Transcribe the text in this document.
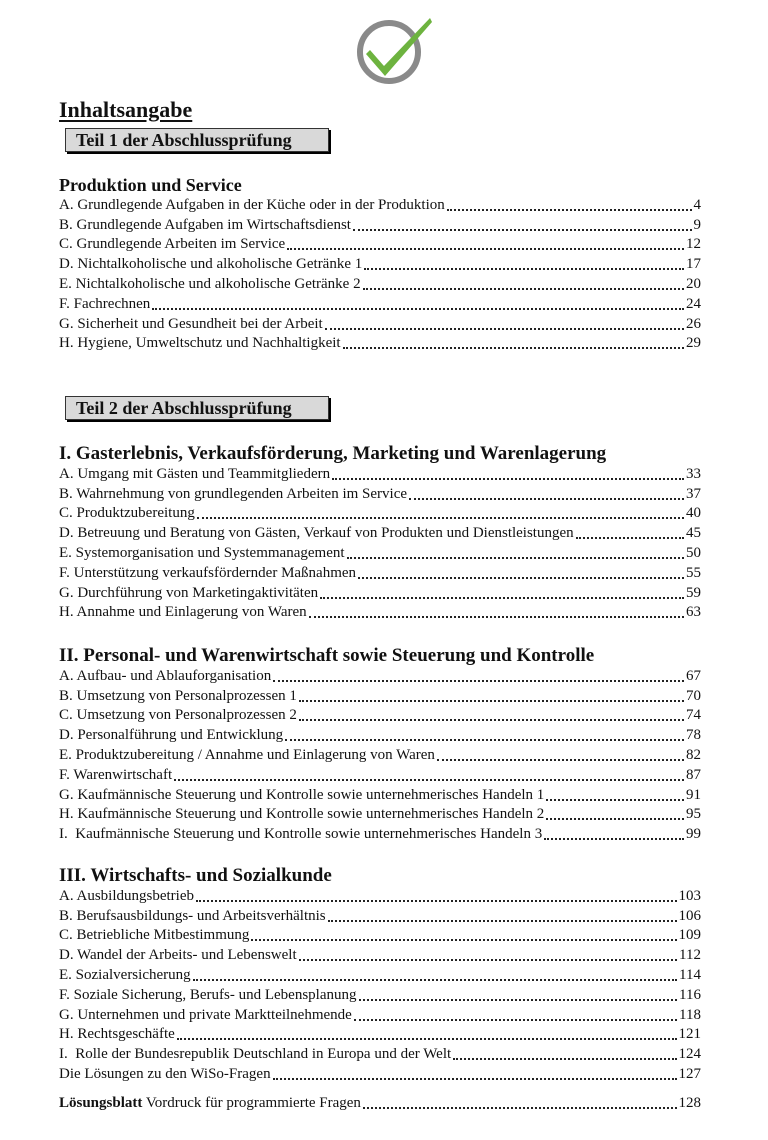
Inhaltsangabe
Teil 1 der Abschlussprüfung
Produktion und Service
A. Grundlegende Aufgaben in der Küche oder in der Produktion	4
B. Grundlegende Aufgaben im Wirtschaftsdienst	9
C. Grundlegende Arbeiten im Service	12
D. Nichtalkoholische und alkoholische Getränke 1	17
E. Nichtalkoholische und alkoholische Getränke 2	20
F. Fachrechnen	24
G. Sicherheit und Gesundheit bei der Arbeit	26
H. Hygiene, Umweltschutz und Nachhaltigkeit	29
Teil 2 der Abschlussprüfung
I. Gasterlebnis, Verkaufsförderung, Marketing und Warenlagerung
A. Umgang mit Gästen und Teammitgliedern	33
B. Wahrnehmung von grundlegenden Arbeiten im Service	37
C. Produktzubereitung	40
D. Betreuung und Beratung von Gästen, Verkauf von Produkten und Dienstleistungen	45
E. Systemorganisation und Systemmanagement	50
F. Unterstützung verkaufsfördernder Maßnahmen	55
G. Durchführung von Marketingaktivitäten	59
H. Annahme und Einlagerung von Waren	63
II. Personal- und Warenwirtschaft sowie Steuerung und Kontrolle
A. Aufbau- und Ablauforganisation	67
B. Umsetzung von Personalprozessen 1	70
C. Umsetzung von Personalprozessen 2	74
D. Personalführung und Entwicklung	78
E. Produktzubereitung / Annahme und Einlagerung von Waren	82
F. Warenwirtschaft	87
G. Kaufmännische Steuerung und Kontrolle sowie unternehmerisches Handeln 1	91
H. Kaufmännische Steuerung und Kontrolle sowie unternehmerisches Handeln 2	95
I.  Kaufmännische Steuerung und Kontrolle sowie unternehmerisches Handeln 3	99
III. Wirtschafts- und Sozialkunde
A. Ausbildungsbetrieb	103
B. Berufsausbildungs- und Arbeitsverhältnis	106
C. Betriebliche Mitbestimmung	109
D. Wandel der Arbeits- und Lebenswelt	112
E. Sozialversicherung	114
F. Soziale Sicherung, Berufs- und Lebensplanung	116
G. Unternehmen und private Marktteilnehmende	118
H. Rechtsgeschäfte	121
I.  Rolle der Bundesrepublik Deutschland in Europa und der Welt	124
Die Lösungen zu den WiSo-Fragen	127
Lösungsblatt Vordruck für programmierte Fragen	128
